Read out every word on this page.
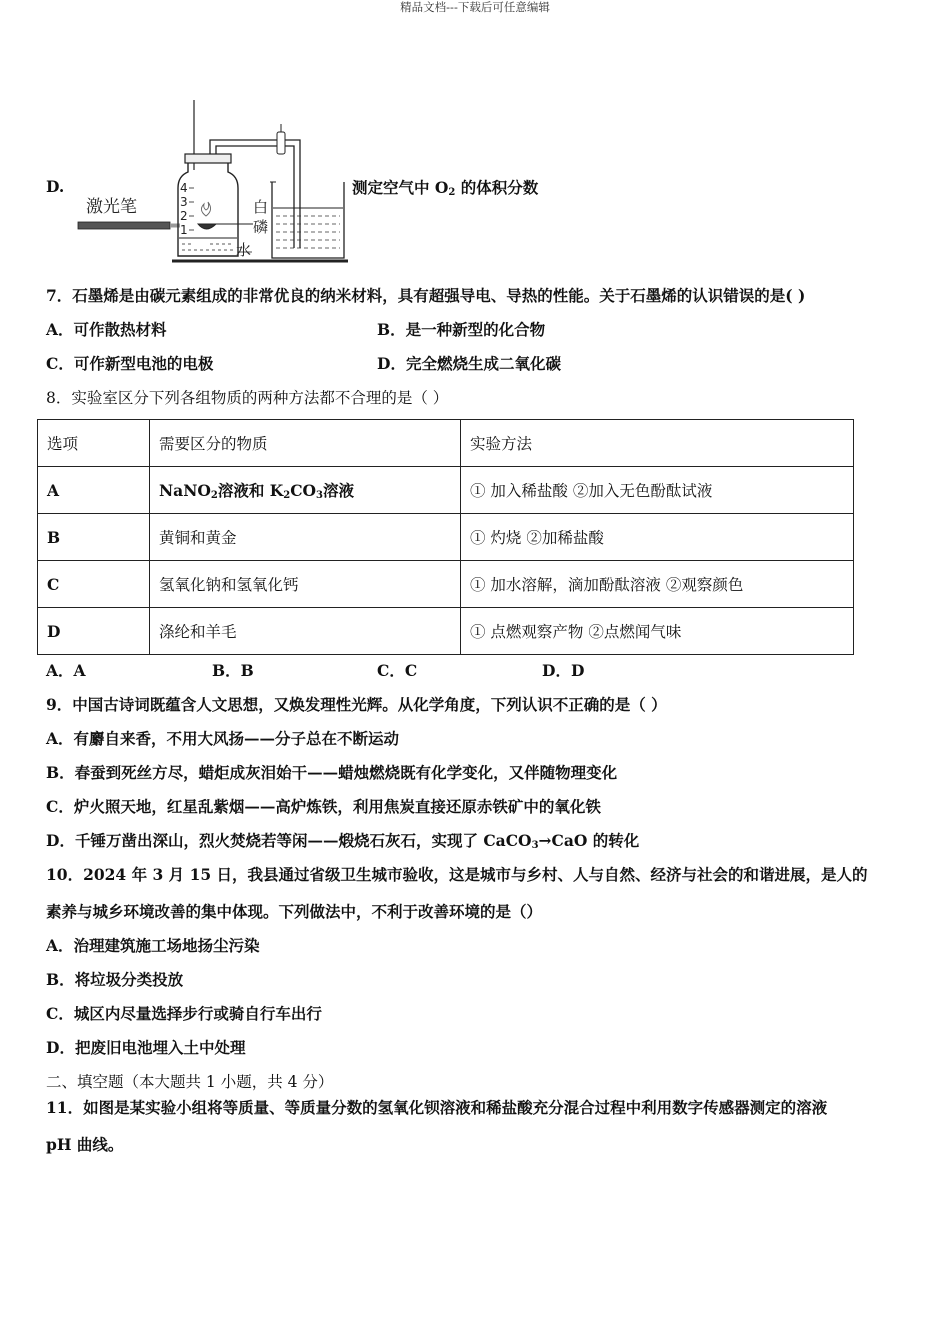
精品文档---下载后可任意编辑
D.
激光笔
4
3
2
1
白
磷
水
测定空气中 $O_2$ 的体积分数
7．石墨烯是由碳元素组成的非常优良的纳米材料，具有超强导电、导热的性能。关于石墨烯的认识错误的是( )
A．可作散热材料	B．是一种新型的化合物
C．可作新型电池的电极	D．完全燃烧生成二氧化碳
8．实验室区分下列各组物质的两种方法都不合理的是（ ）
选项	需要区分的物质	实验方法
A	NaNO$_2$溶液和 $K_2CO_3$溶液	① 加入稀盐酸 ②加入无色酚酞试液
B	黄铜和黄金	① 灼烧 ②加稀盐酸
C	氢氧化钠和氢氧化钙	① 加水溶解，滴加酚酞溶液 ②观察颜色
D	涤纶和羊毛	① 点燃观察产物 ②点燃闻气味
A．A	B．B	C．C	D．D
9．中国古诗词既蕴含人文思想，又焕发理性光辉。从化学角度，下列认识不正确的是（ ）
A．有麝自来香，不用大风扬——分子总在不断运动
B．春蚕到死丝方尽，蜡炬成灰泪始干——蜡烛燃烧既有化学变化，又伴随物理变化
C．炉火照天地，红星乱紫烟——高炉炼铁，利用焦炭直接还原赤铁矿中的氧化铁
D．千锤万凿出深山，烈火焚烧若等闲——煅烧石灰石，实现了 CaCO$_3$→CaO 的转化
10．2024 年 3 月 15 日，我县通过省级卫生城市验收，这是城市与乡村、人与自然、经济与社会的和谐进展，是人的
素养与城乡环境改善的集中体现。下列做法中，不利于改善环境的是（）
A．治理建筑施工场地扬尘污染
B．将垃圾分类投放
C．城区内尽量选择步行或骑自行车出行
D．把废旧电池埋入土中处理
二、填空题（本大题共 1 小题，共 4 分）
11．如图是某实验小组将等质量、等质量分数的氢氧化钡溶液和稀盐酸充分混合过程中利用数字传感器测定的溶液
pH 曲线。
